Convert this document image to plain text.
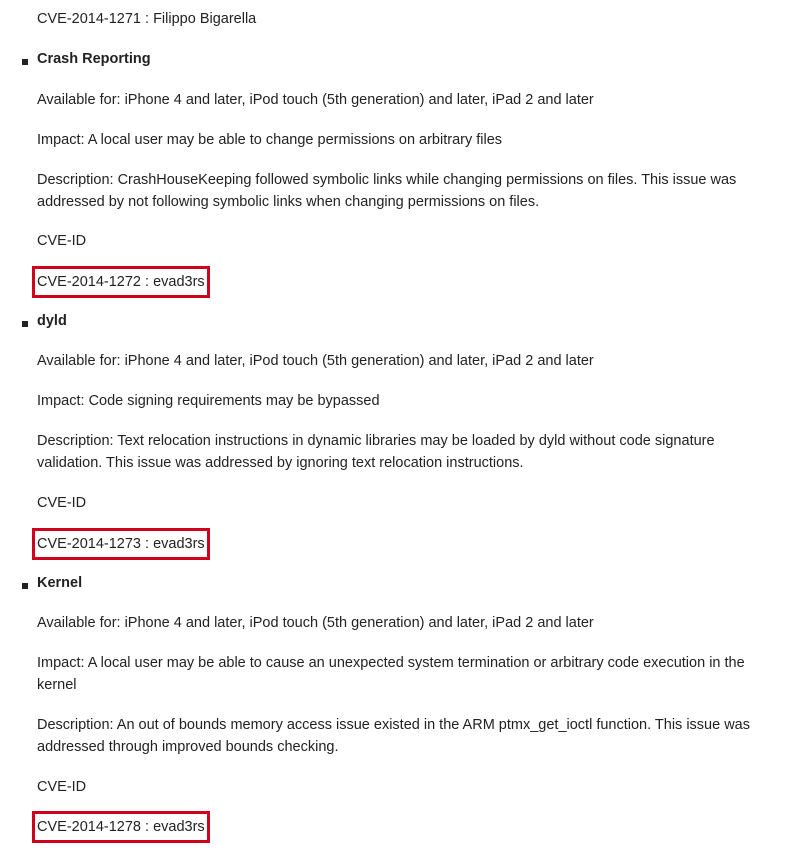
CVE-2014-1271 : Filippo Bigarella
Crash Reporting
Available for: iPhone 4 and later, iPod touch (5th generation) and later, iPad 2 and later
Impact: A local user may be able to change permissions on arbitrary files
Description: CrashHouseKeeping followed symbolic links while changing permissions on files. This issue was addressed by not following symbolic links when changing permissions on files.
CVE-ID
CVE-2014-1272 : evad3rs
dyld
Available for: iPhone 4 and later, iPod touch (5th generation) and later, iPad 2 and later
Impact: Code signing requirements may be bypassed
Description: Text relocation instructions in dynamic libraries may be loaded by dyld without code signature validation. This issue was addressed by ignoring text relocation instructions.
CVE-ID
CVE-2014-1273 : evad3rs
Kernel
Available for: iPhone 4 and later, iPod touch (5th generation) and later, iPad 2 and later
Impact: A local user may be able to cause an unexpected system termination or arbitrary code execution in the kernel
Description: An out of bounds memory access issue existed in the ARM ptmx_get_ioctl function. This issue was addressed through improved bounds checking.
CVE-ID
CVE-2014-1278 : evad3rs
